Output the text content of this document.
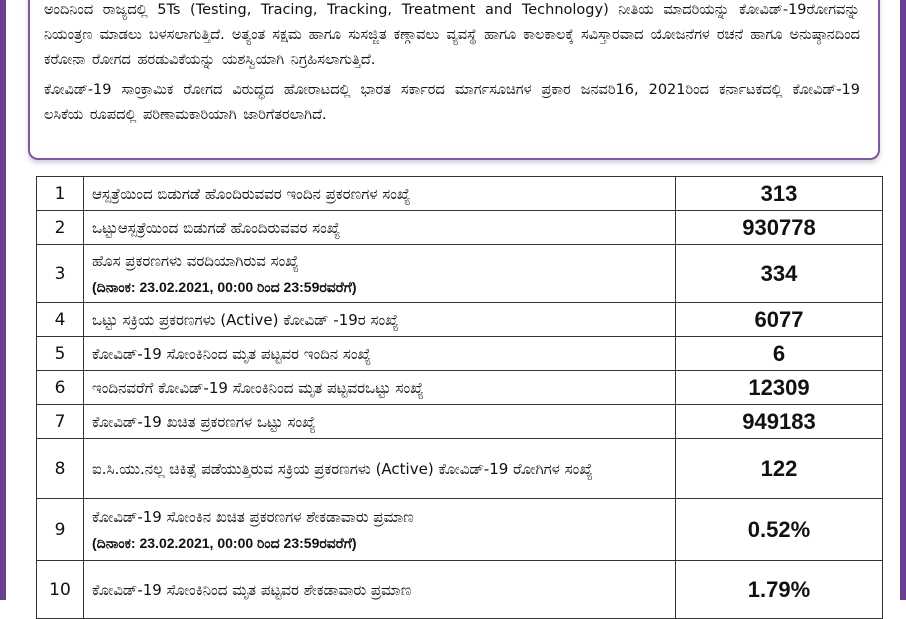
ಅಂದಿನಿಂದ ರಾಜ್ಯದಲ್ಲಿ 5Ts (Testing, Tracing, Tracking, Treatment and Technology) ನೀತಿಯ ಮಾದರಿಯನ್ನು ಕೋವಿಡ್-19ರೋಗವನ್ನು ನಿಯಂತ್ರಣ ಮಾಡಲು ಬಳಸಲಾಗುತ್ತಿದೆ. ಅತ್ಯಂತ ಸಕ್ಷಮ ಹಾಗೂ ಸುಸಜ್ಜಿತ ಕಣ್ಗಾವಲು ವ್ಯವಸ್ಥೆ ಹಾಗೂ ಕಾಲಕಾಲಕ್ಕೆ ಸವಿಸ್ತಾರವಾದ ಯೋಜನೆಗಳ ರಚನೆ ಹಾಗೂ ಅನುಷ್ಠಾನದಿಂದ ಕರೋನಾ ರೋಗದ ಹರಡುವಿಕೆಯನ್ನು ಯಶಸ್ವಿಯಾಗಿ ನಿಗ್ರಹಿಸಲಾಗುತ್ತಿದೆ.

ಕೋವಿಡ್-19 ಸಾಂಕ್ರಾಮಿಕ ರೋಗದ ವಿರುದ್ಧದ ಹೋರಾಟದಲ್ಲಿ ಭಾರತ ಸರ್ಕಾರದ ಮಾರ್ಗಸೂಚಿಗಳ ಪ್ರಕಾರ ಜನವರಿ16, 2021ರಿಂದ ಕರ್ನಾಟಕದಲ್ಲಿ ಕೋವಿಡ್-19 ಲಸಿಕೆಯ ರೂಪದಲ್ಲಿ ಪರಿಣಾಮಕಾರಿಯಾಗಿ ಜಾರಿಗೆತರಲಾಗಿದೆ.

1	ಆಸ್ಪತ್ರೆಯಿಂದ ಬಿಡುಗಡೆ ಹೊಂದಿರುವವರ ಇಂದಿನ ಪ್ರಕರಣಗಳ ಸಂಖ್ಯೆ	313
2	ಒಟ್ಟುಆಸ್ಪತ್ರೆಯಿಂದ ಬಿಡುಗಡೆ ಹೊಂದಿರುವವರ ಸಂಖ್ಯೆ	930778
3	ಹೊಸ ಪ್ರಕರಣಗಳು ವರದಿಯಾಗಿರುವ ಸಂಖ್ಯೆ
(ದಿನಾಂಕ: 23.02.2021, 00:00 ರಿಂದ 23:59ರವರೆಗೆ)	334
4	ಒಟ್ಟು ಸಕ್ರಿಯ ಪ್ರಕರಣಗಳು (Active) ಕೋವಿಡ್ -19ರ ಸಂಖ್ಯೆ	6077
5	ಕೋವಿಡ್-19 ಸೋಂಕಿನಿಂದ ಮೃತ ಪಟ್ಟವರ ಇಂದಿನ ಸಂಖ್ಯೆ	6
6	ಇಂದಿನವರೆಗೆ ಕೋವಿಡ್-19 ಸೋಂಕಿನಿಂದ ಮೃತ ಪಟ್ಟವರಒಟ್ಟು ಸಂಖ್ಯೆ	12309
7	ಕೋವಿಡ್-19 ಖಚಿತ ಪ್ರಕರಣಗಳ ಒಟ್ಟು ಸಂಖ್ಯೆ	949183
8	ಐ.ಸಿ.ಯು.ನಲ್ಲ ಚಿಕಿತ್ಸೆ ಪಡೆಯುತ್ತಿರುವ ಸಕ್ರಿಯ ಪ್ರಕರಣಗಳು (Active) ಕೋವಿಡ್-19 ರೋಗಿಗಳ ಸಂಖ್ಯೆ	122
9	ಕೋವಿಡ್-19 ಸೋಂಕಿನ ಖಚಿತ ಪ್ರಕರಣಗಳ ಶೇಕಡಾವಾರು ಪ್ರಮಾಣ
(ದಿನಾಂಕ: 23.02.2021, 00:00 ರಿಂದ 23:59ರವರೆಗೆ)	0.52%
10	ಕೋವಿಡ್-19 ಸೋಂಕಿನಿಂದ ಮೃತ ಪಟ್ಟವರ ಶೇಕಡಾವಾರು ಪ್ರಮಾಣ	1.79%
